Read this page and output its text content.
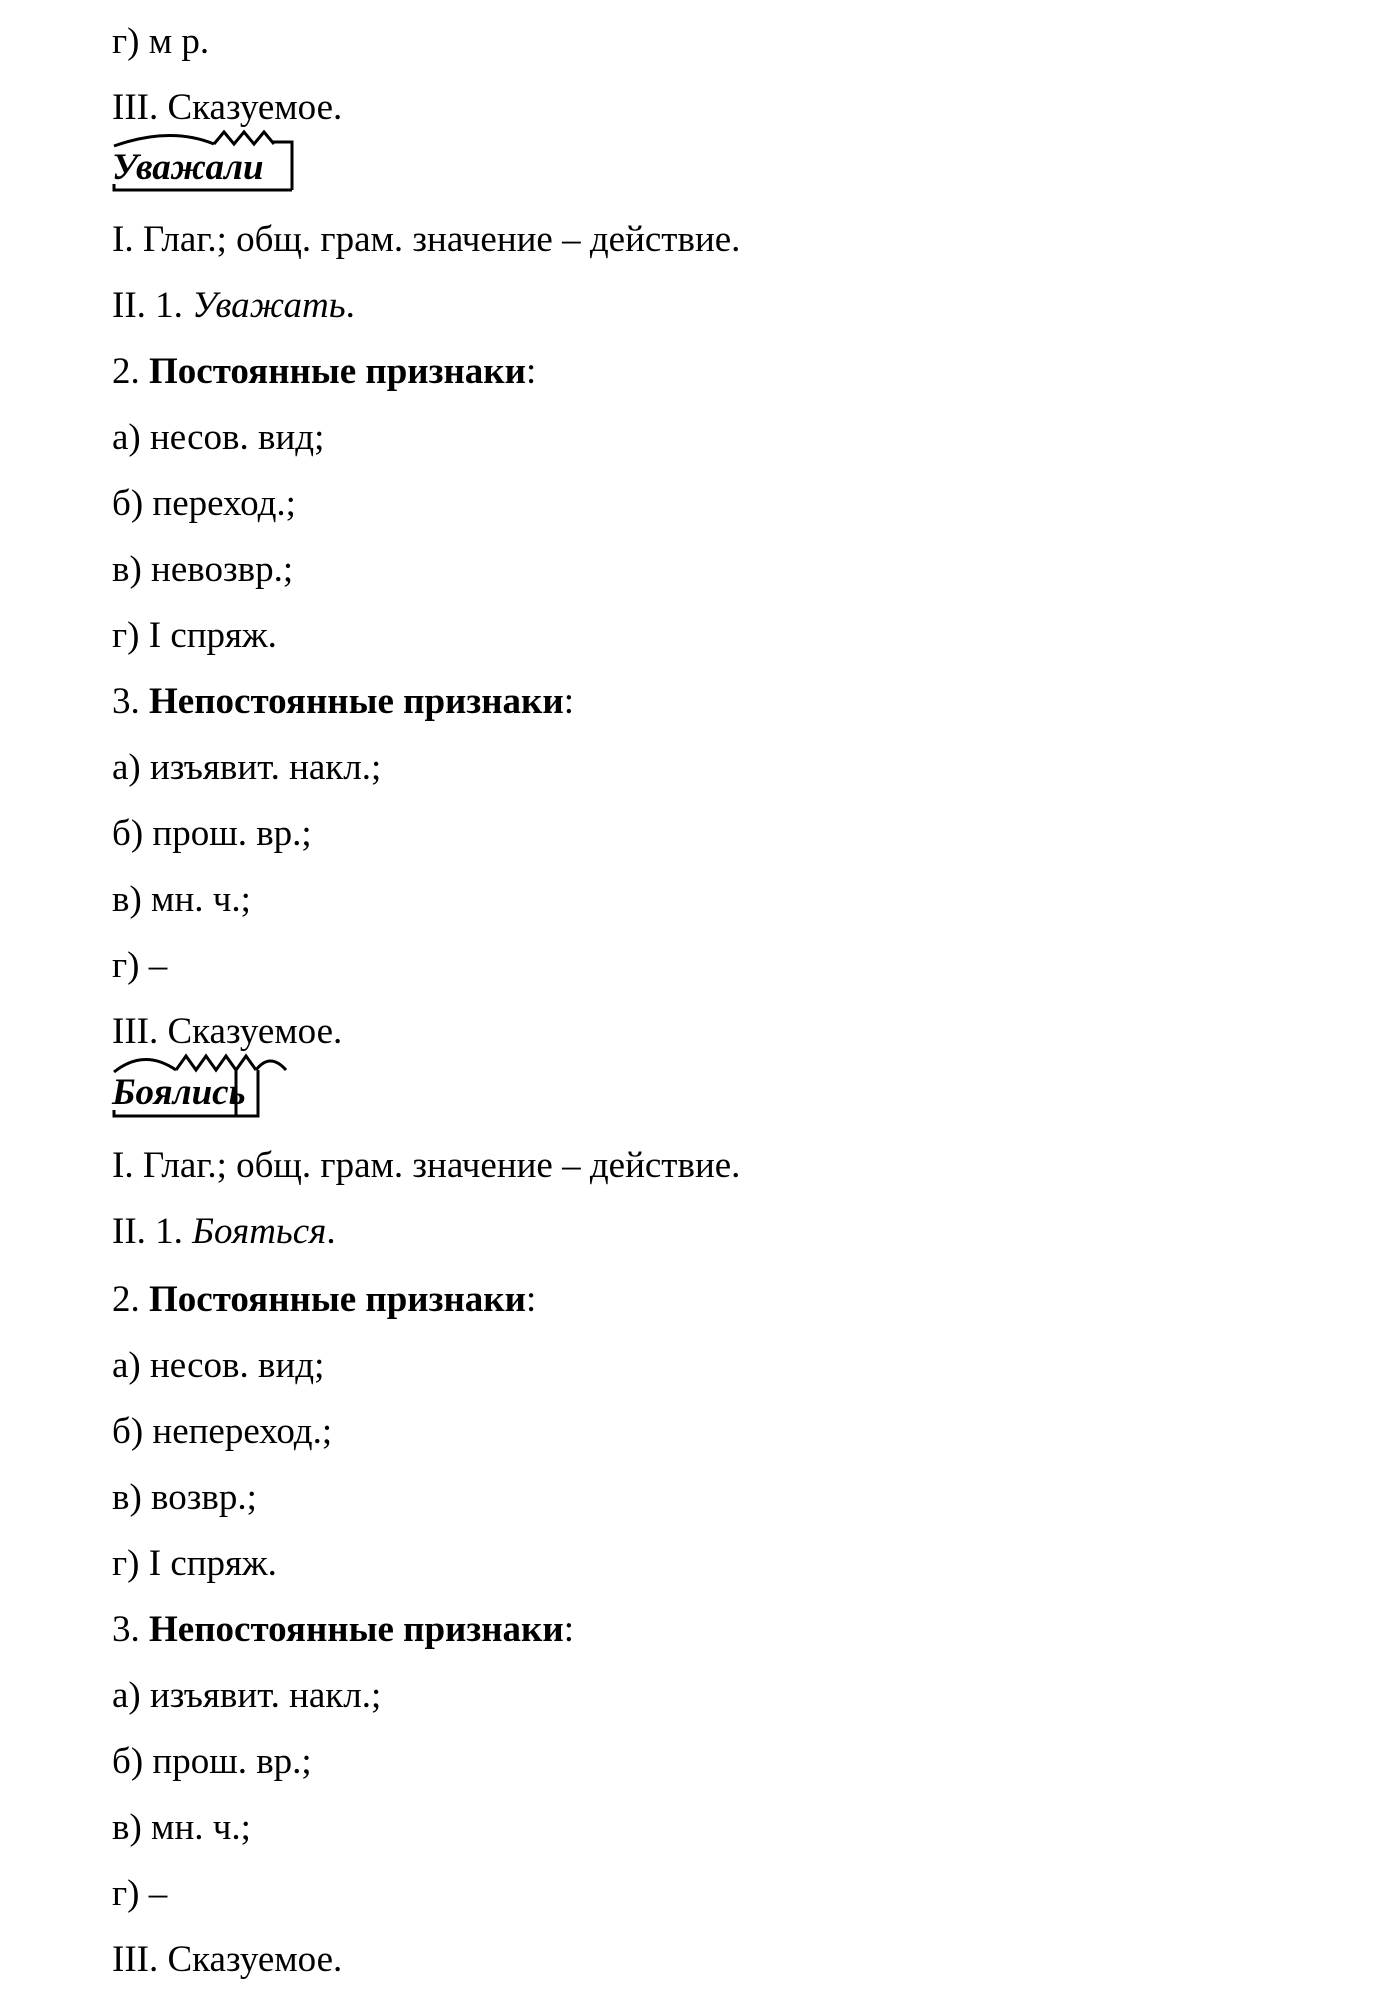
г) м р.
III. Сказуемое.
Уважали
I. Глаг.; общ. грам. значение – действие.
II. 1. Уважать.
2. Постоянные признаки:
а) несов. вид;
б) переход.;
в) невозвр.;
г) I спряж.
3. Непостоянные признаки:
а) изъявит. накл.;
б) прош. вр.;
в) мн. ч.;
г) –
III. Сказуемое.
Боялись
I. Глаг.; общ. грам. значение – действие.
II. 1. Бояться.
2. Постоянные признаки:
а) несов. вид;
б) непереход.;
в) возвр.;
г) I спряж.
3. Непостоянные признаки:
а) изъявит. накл.;
б) прош. вр.;
в) мн. ч.;
г) –
III. Сказуемое.
